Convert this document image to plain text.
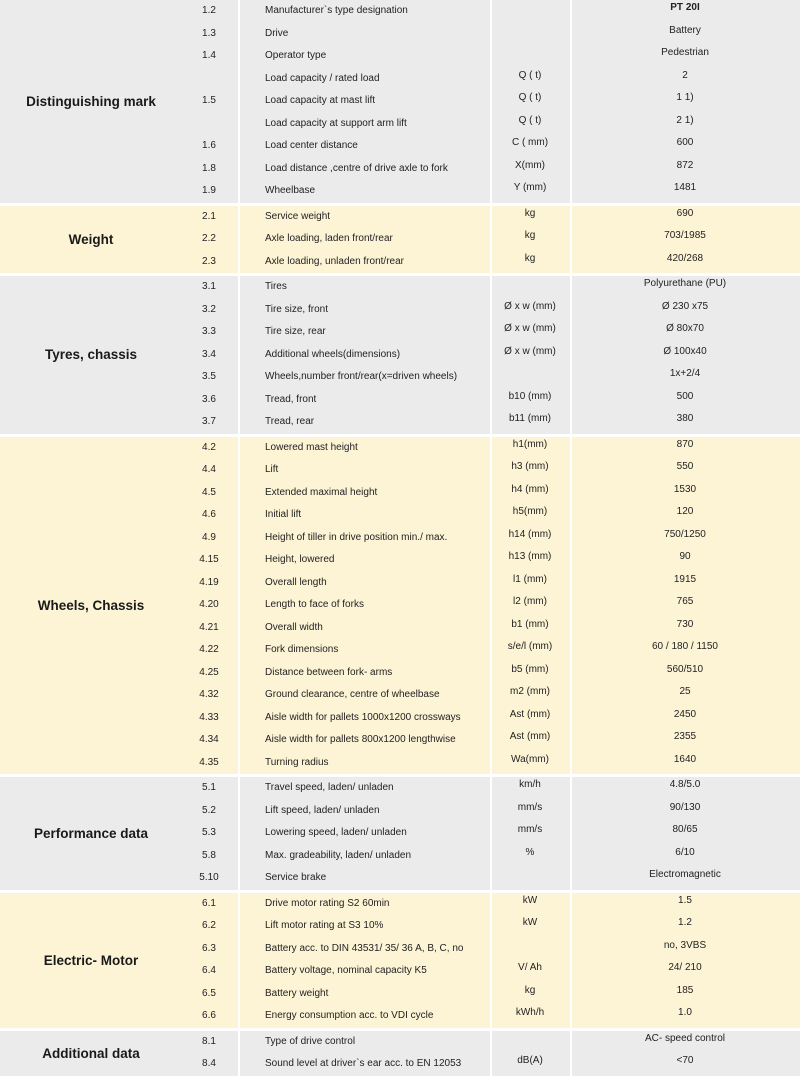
Distinguishing mark
1.2	Manufacturer`s type designation	PT 20I
1.3	Drive	Battery
1.4	Operator type	Pedestrian
Load capacity / rated load	Q ( t)	2
1.5	Load capacity at mast lift	Q ( t)	1 1)
Load capacity at support arm lift	Q ( t)	2 1)
1.6	Load center distance	C ( mm)	600
1.8	Load distance ,centre of drive axle to fork	X(mm)	872
1.9	Wheelbase	Y (mm)	1481
Weight
2.1	Service weight	kg	690
2.2	Axle loading, laden front/rear	kg	703/1985
2.3	Axle loading, unladen front/rear	kg	420/268
Tyres, chassis
3.1	Tires	Polyurethane (PU)
3.2	Tire size, front	Ø x w (mm)	Ø 230 x75
3.3	Tire size, rear	Ø x w (mm)	Ø 80x70
3.4	Additional wheels(dimensions)	Ø x w (mm)	Ø 100x40
3.5	Wheels,number front/rear(x=driven wheels)	1x+2/4
3.6	Tread, front	b10 (mm)	500
3.7	Tread, rear	b11 (mm)	380
Wheels, Chassis
4.2	Lowered mast height	h1(mm)	870
4.4	Lift	h3 (mm)	550
4.5	Extended maximal height	h4 (mm)	1530
4.6	Initial lift	h5(mm)	120
4.9	Height of tiller in drive position min./ max.	h14 (mm)	750/1250
4.15	Height, lowered	h13 (mm)	90
4.19	Overall length	l1 (mm)	1915
4.20	Length to face of forks	l2 (mm)	765
4.21	Overall width	b1 (mm)	730
4.22	Fork dimensions	s/e/l (mm)	60 / 180 / 1150
4.25	Distance between fork- arms	b5 (mm)	560/510
4.32	Ground clearance, centre of wheelbase	m2 (mm)	25
4.33	Aisle width for pallets 1000x1200 crossways	Ast (mm)	2450
4.34	Aisle width for pallets 800x1200 lengthwise	Ast (mm)	2355
4.35	Turning radius	Wa(mm)	1640
Performance data
5.1	Travel speed, laden/ unladen	km/h	4.8/5.0
5.2	Lift speed, laden/ unladen	mm/s	90/130
5.3	Lowering speed, laden/ unladen	mm/s	80/65
5.8	Max. gradeability, laden/ unladen	%	6/10
5.10	Service brake	Electromagnetic
Electric- Motor
6.1	Drive motor rating S2 60min	kW	1.5
6.2	Lift motor rating at S3 10%	kW	1.2
6.3	Battery acc. to DIN 43531/ 35/ 36 A, B, C, no	no, 3VBS
6.4	Battery voltage, nominal capacity K5	V/ Ah	24/ 210
6.5	Battery weight	kg	185
6.6	Energy consumption acc. to VDI cycle	kWh/h	1.0
Additional data
8.1	Type of drive control	AC- speed control
8.4	Sound level at driver`s ear acc. to EN 12053	dB(A)	<70
